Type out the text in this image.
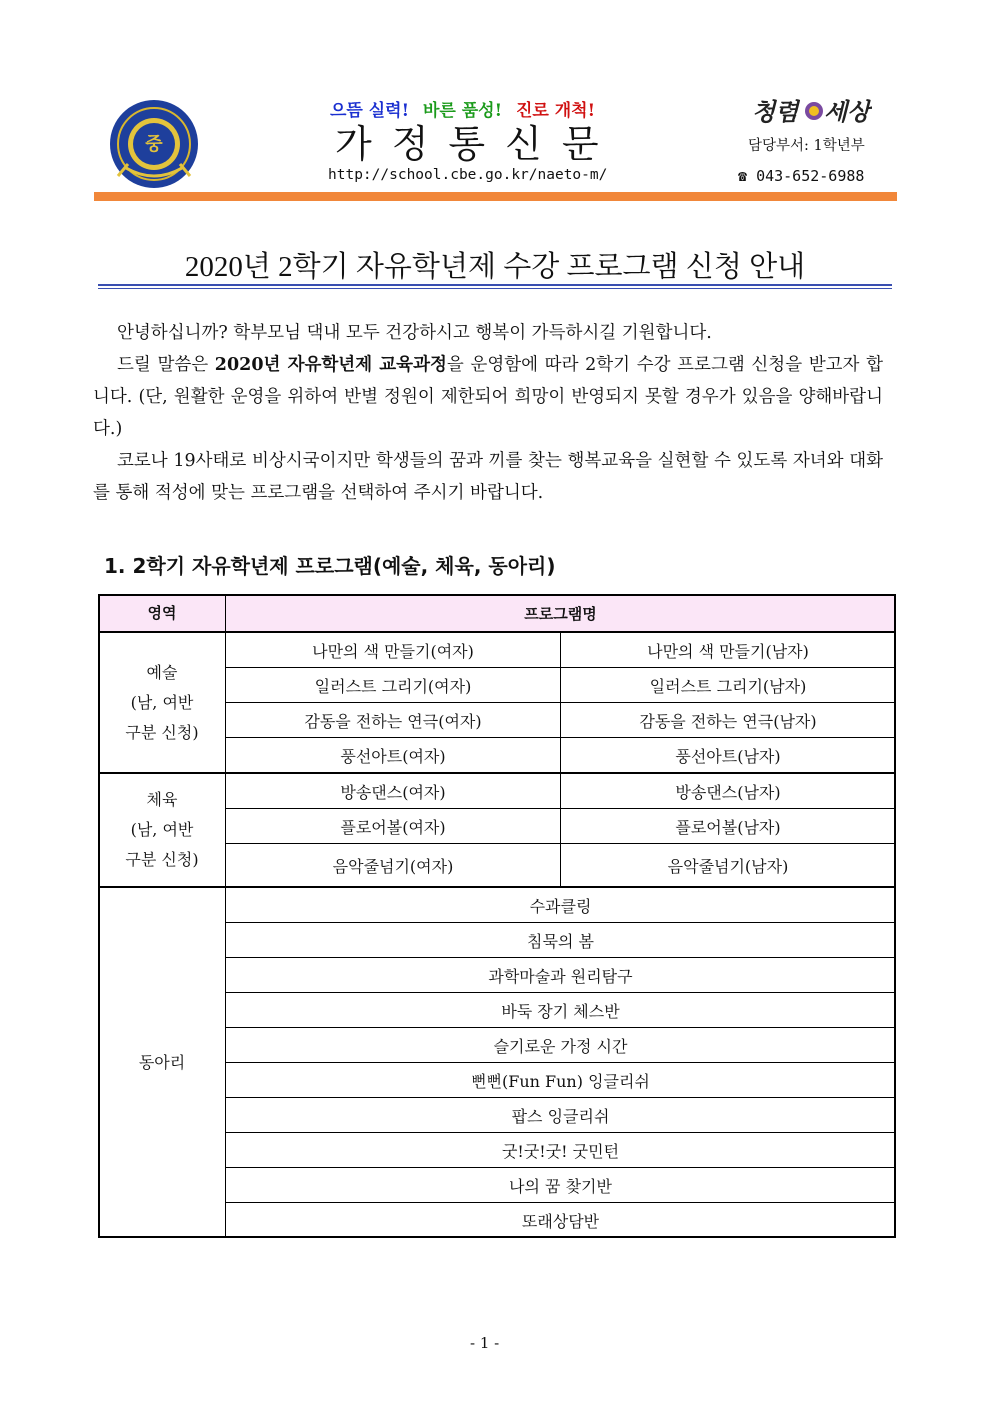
중
으뜸 실력! 바른 품성! 진로 개척!
가정통신문
http://school.cbe.go.kr/naeto-m/
청렴 세상
담당부서: 1학년부
☎ 043-652-6988
2020년 2학기 자유학년제 수강 프로그램 신청 안내
안녕하십니까? 학부모님 댁내 모두 건강하시고 행복이 가득하시길 기원합니다.
드릴 말씀은 2020년 자유학년제 교육과정을 운영함에 따라 2학기 수강 프로그램 신청을 받고자 합니다. (단, 원활한 운영을 위하여 반별 정원이 제한되어 희망이 반영되지 못할 경우가 있음을 양해바랍니다.)
코로나 19사태로 비상시국이지만 학생들의 꿈과 끼를 찾는 행복교육을 실현할 수 있도록 자녀와 대화를 통해 적성에 맞는 프로그램을 선택하여 주시기 바랍니다.
1. 2학기 자유학년제 프로그램(예술, 체육, 동아리)
영역	프로그램명	

예술
(남, 여반
구분 신청)	나만의 색 만들기(여자)	나만의 색 만들기(남자)
	일러스트 그리기(여자)	일러스트 그리기(남자)
	감동을 전하는 연극(여자)	감동을 전하는 연극(남자)
	풍선아트(여자)	풍선아트(남자)

체육
(남, 여반
구분 신청)	방송댄스(여자)	방송댄스(남자)
	플로어볼(여자)	플로어볼(남자)
	음악줄넘기(여자)	음악줄넘기(남자)
동아리	수과클링	
	침묵의 봄	
	과학마술과 원리탐구	
	바둑 장기 체스반	
	슬기로운 가정 시간	
	뻔뻔(Fun Fun) 잉글리쉬	
	팝스 잉글리쉬	
	굿!굿!굿! 굿민턴	
	나의 꿈 찾기반	
	또래상담반	
- 1 -
